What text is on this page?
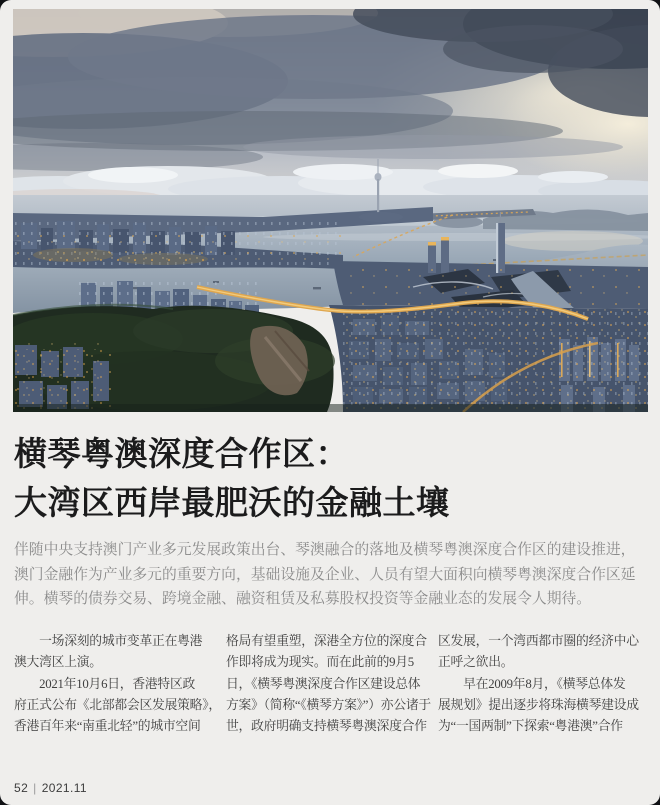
横琴粤澳深度合作区：
大湾区西岸最肥沃的金融土壤
伴随中央支持澳门产业多元发展政策出台、琴澳融合的落地及横琴粤澳深度合作区的建设推进，
澳门金融作为产业多元的重要方向，基础设施及企业、人员有望大面积向横琴粤澳深度合作区延
伸。横琴的债券交易、跨境金融、融资租赁及私募股权投资等金融业态的发展令人期待。
　　一场深刻的城市变革正在粤港
澳大湾区上演。
　　2021年10月6日，香港特区政
府正式公布《北部都会区发展策略》，
香港百年来“南重北轻”的城市空间
格局有望重塑，深港全方位的深度合
作即将成为现实。而在此前的9月5
日，《横琴粤澳深度合作区建设总体
方案》（简称“《横琴方案》”）亦公诸于
世，政府明确支持横琴粤澳深度合作
区发展，一个湾西都市圈的经济中心
正呼之欲出。
　　早在2009年8月，《横琴总体发
展规划》提出逐步将珠海横琴建设成
为“一国两制”下探索“粤港澳”合作
52 | 2021.11
